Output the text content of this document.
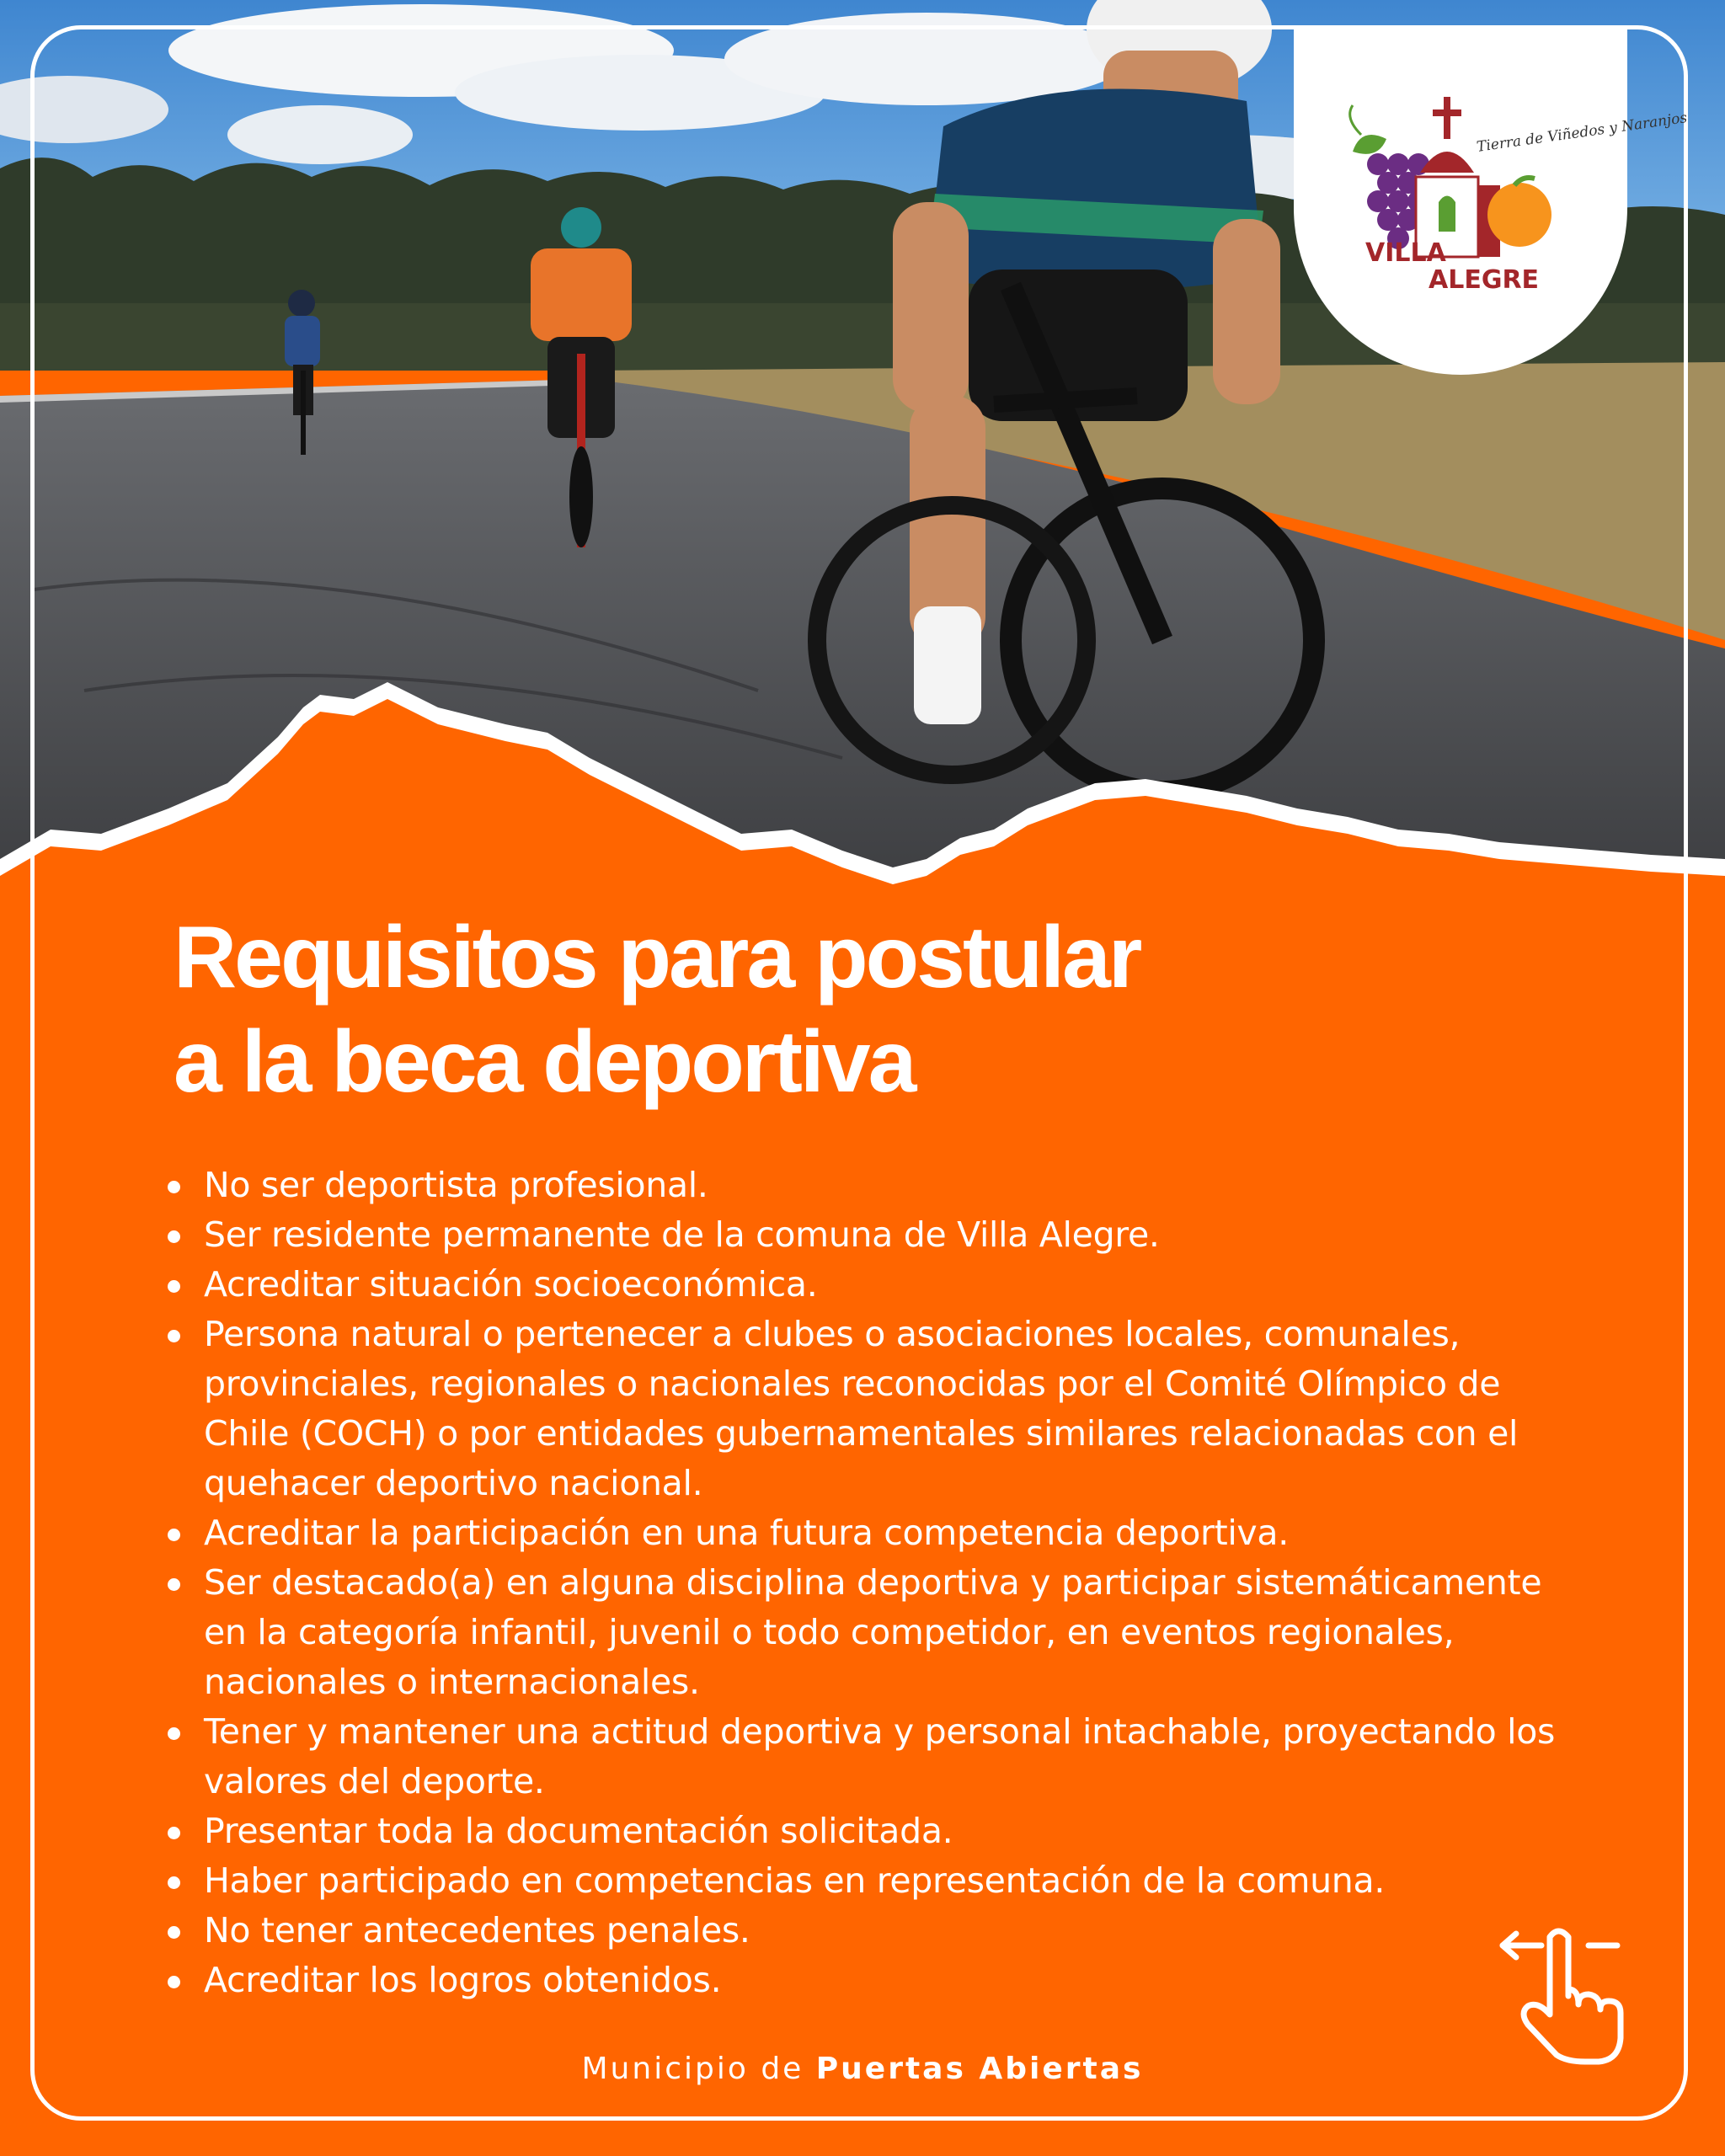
Tierra de Viñedos y Naranjos
VILLA
ALEGRE
Requisitos para postular
a la beca deportiva
No ser deportista profesional.
Ser residente permanente de la comuna de Villa Alegre.
Acreditar situación socioeconómica.
Persona natural o pertenecer a clubes o asociaciones locales, comunales, provinciales, regionales o nacionales reconocidas por el Comité Olímpico de Chile (COCH) o por entidades gubernamentales similares relacionadas con el quehacer deportivo nacional.
Acreditar la participación en una futura competencia deportiva.
Ser destacado(a) en alguna disciplina deportiva y participar sistemáticamente en la categoría infantil, juvenil o todo competidor, en eventos regionales, nacionales o internacionales.
Tener y mantener una actitud deportiva y personal intachable, proyectando los valores del deporte.
Presentar toda la documentación solicitada.
Haber participado en competencias en representación de la comuna.
No tener antecedentes penales.
Acreditar los logros obtenidos.
Municipio de Puertas Abiertas
